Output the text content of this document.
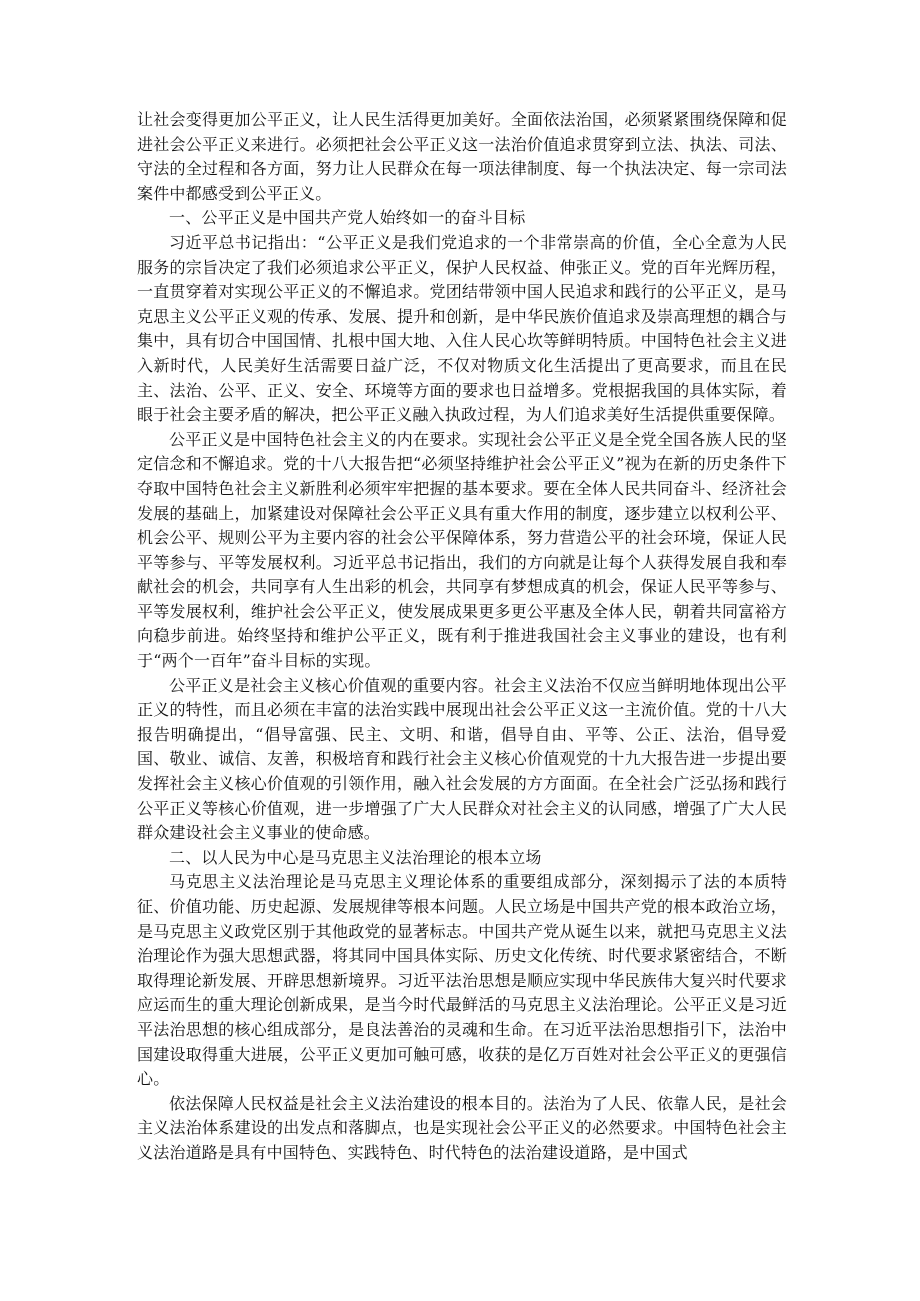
让社会变得更加公平正义，让人民生活得更加美好。全面依法治国，必须紧紧围绕保障和促进社会公平正义来进行。必须把社会公平正义这一法治价值追求贯穿到立法、执法、司法、守法的全过程和各方面，努力让人民群众在每一项法律制度、每一个执法决定、每一宗司法案件中都感受到公平正义。

一、公平正义是中国共产党人始终如一的奋斗目标

习近平总书记指出：“公平正义是我们党追求的一个非常崇高的价值，全心全意为人民服务的宗旨决定了我们必须追求公平正义，保护人民权益、伸张正义。党的百年光辉历程，一直贯穿着对实现公平正义的不懈追求。党团结带领中国人民追求和践行的公平正义，是马克思主义公平正义观的传承、发展、提升和创新，是中华民族价值追求及崇高理想的耦合与集中，具有切合中国国情、扎根中国大地、入住人民心坎等鲜明特质。中国特色社会主义进入新时代，人民美好生活需要日益广泛，不仅对物质文化生活提出了更高要求，而且在民主、法治、公平、正义、安全、环境等方面的要求也日益增多。党根据我国的具体实际，着眼于社会主要矛盾的解决，把公平正义融入执政过程，为人们追求美好生活提供重要保障。

公平正义是中国特色社会主义的内在要求。实现社会公平正义是全党全国各族人民的坚定信念和不懈追求。党的十八大报告把“必须坚持维护社会公平正义”视为在新的历史条件下夺取中国特色社会主义新胜利必须牢牢把握的基本要求。要在全体人民共同奋斗、经济社会发展的基础上，加紧建设对保障社会公平正义具有重大作用的制度，逐步建立以权利公平、机会公平、规则公平为主要内容的社会公平保障体系，努力营造公平的社会环境，保证人民平等参与、平等发展权利。习近平总书记指出，我们的方向就是让每个人获得发展自我和奉献社会的机会，共同享有人生出彩的机会，共同享有梦想成真的机会，保证人民平等参与、平等发展权利，维护社会公平正义，使发展成果更多更公平惠及全体人民，朝着共同富裕方向稳步前进。始终坚持和维护公平正义，既有利于推进我国社会主义事业的建设，也有利于“两个一百年”奋斗目标的实现。

公平正义是社会主义核心价值观的重要内容。社会主义法治不仅应当鲜明地体现出公平正义的特性，而且必须在丰富的法治实践中展现出社会公平正义这一主流价值。党的十八大报告明确提出，“倡导富强、民主、文明、和谐，倡导自由、平等、公正、法治，倡导爱国、敬业、诚信、友善，积极培育和践行社会主义核心价值观党的十九大报告进一步提出要发挥社会主义核心价值观的引领作用，融入社会发展的方方面面。在全社会广泛弘扬和践行公平正义等核心价值观，进一步增强了广大人民群众对社会主义的认同感，增强了广大人民群众建设社会主义事业的使命感。

二、以人民为中心是马克思主义法治理论的根本立场

马克思主义法治理论是马克思主义理论体系的重要组成部分，深刻揭示了法的本质特征、价值功能、历史起源、发展规律等根本问题。人民立场是中国共产党的根本政治立场，是马克思主义政党区别于其他政党的显著标志。中国共产党从诞生以来，就把马克思主义法治理论作为强大思想武器，将其同中国具体实际、历史文化传统、时代要求紧密结合，不断取得理论新发展、开辟思想新境界。习近平法治思想是顺应实现中华民族伟大复兴时代要求应运而生的重大理论创新成果，是当今时代最鲜活的马克思主义法治理论。公平正义是习近平法治思想的核心组成部分，是良法善治的灵魂和生命。在习近平法治思想指引下，法治中国建设取得重大进展，公平正义更加可触可感，收获的是亿万百姓对社会公平正义的更强信心。

依法保障人民权益是社会主义法治建设的根本目的。法治为了人民、依靠人民，是社会主义法治体系建设的出发点和落脚点，也是实现社会公平正义的必然要求。中国特色社会主义法治道路是具有中国特色、实践特色、时代特色的法治建设道路，是中国式
